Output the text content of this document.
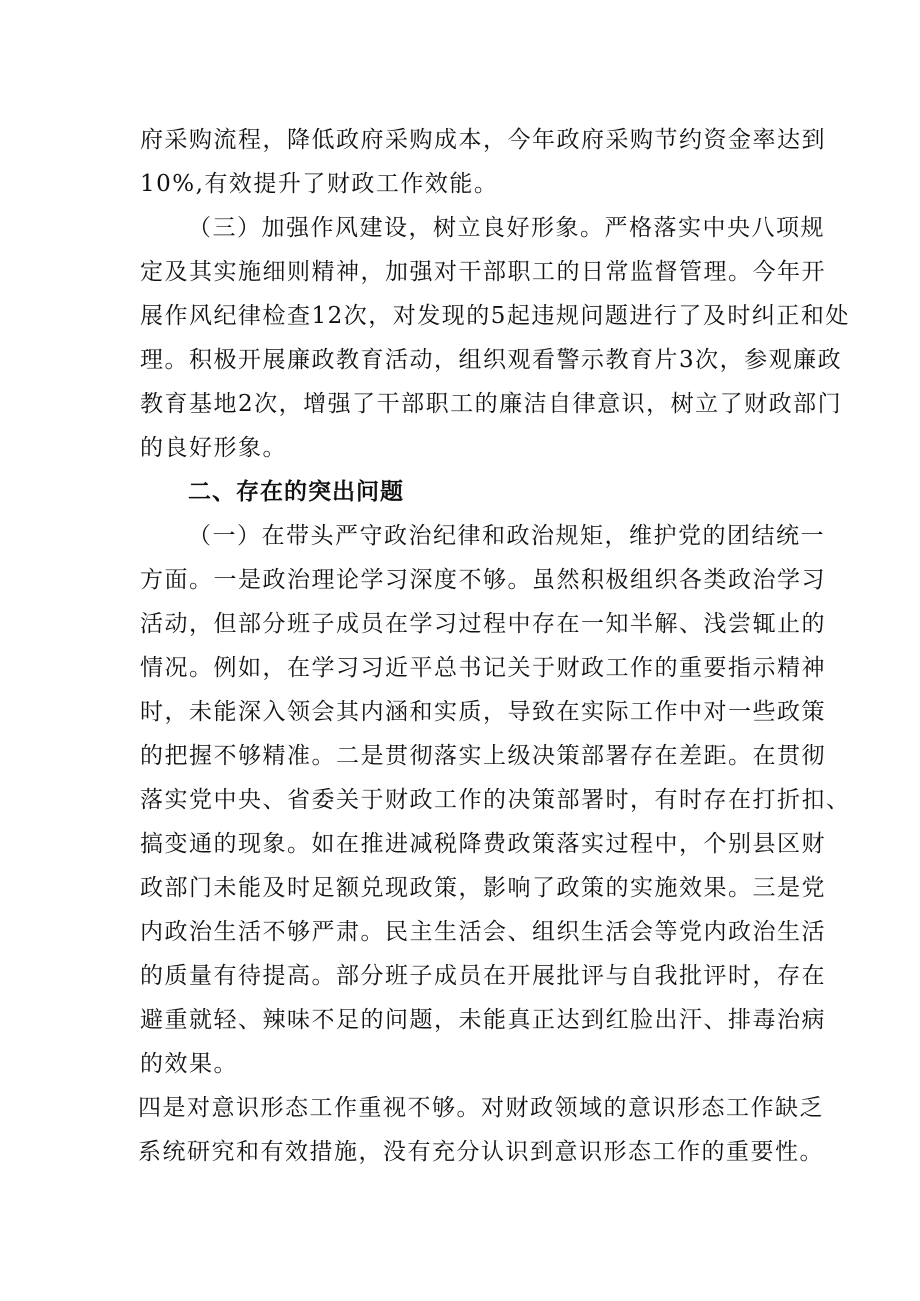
府采购流程，降低政府采购成本，今年政府采购节约资金率达到
10%,有效提升了财政工作效能。
（三）加强作风建设，树立良好形象。严格落实中央八项规
定及其实施细则精神，加强对干部职工的日常监督管理。今年开
展作风纪律检查12次，对发现的5起违规问题进行了及时纠正和处
理。积极开展廉政教育活动，组织观看警示教育片3次，参观廉政
教育基地2次，增强了干部职工的廉洁自律意识，树立了财政部门
的良好形象。
二、存在的突出问题
（一）在带头严守政治纪律和政治规矩，维护党的团结统一
方面。一是政治理论学习深度不够。虽然积极组织各类政治学习
活动，但部分班子成员在学习过程中存在一知半解、浅尝辄止的
情况。例如，在学习习近平总书记关于财政工作的重要指示精神
时，未能深入领会其内涵和实质，导致在实际工作中对一些政策
的把握不够精准。二是贯彻落实上级决策部署存在差距。在贯彻
落实党中央、省委关于财政工作的决策部署时，有时存在打折扣、
搞变通的现象。如在推进减税降费政策落实过程中，个别县区财
政部门未能及时足额兑现政策，影响了政策的实施效果。三是党
内政治生活不够严肃。民主生活会、组织生活会等党内政治生活
的质量有待提高。部分班子成员在开展批评与自我批评时，存在
避重就轻、辣味不足的问题，未能真正达到红脸出汗、排毒治病
的效果。
四是对意识形态工作重视不够。对财政领域的意识形态工作缺乏
系统研究和有效措施，没有充分认识到意识形态工作的重要性。
